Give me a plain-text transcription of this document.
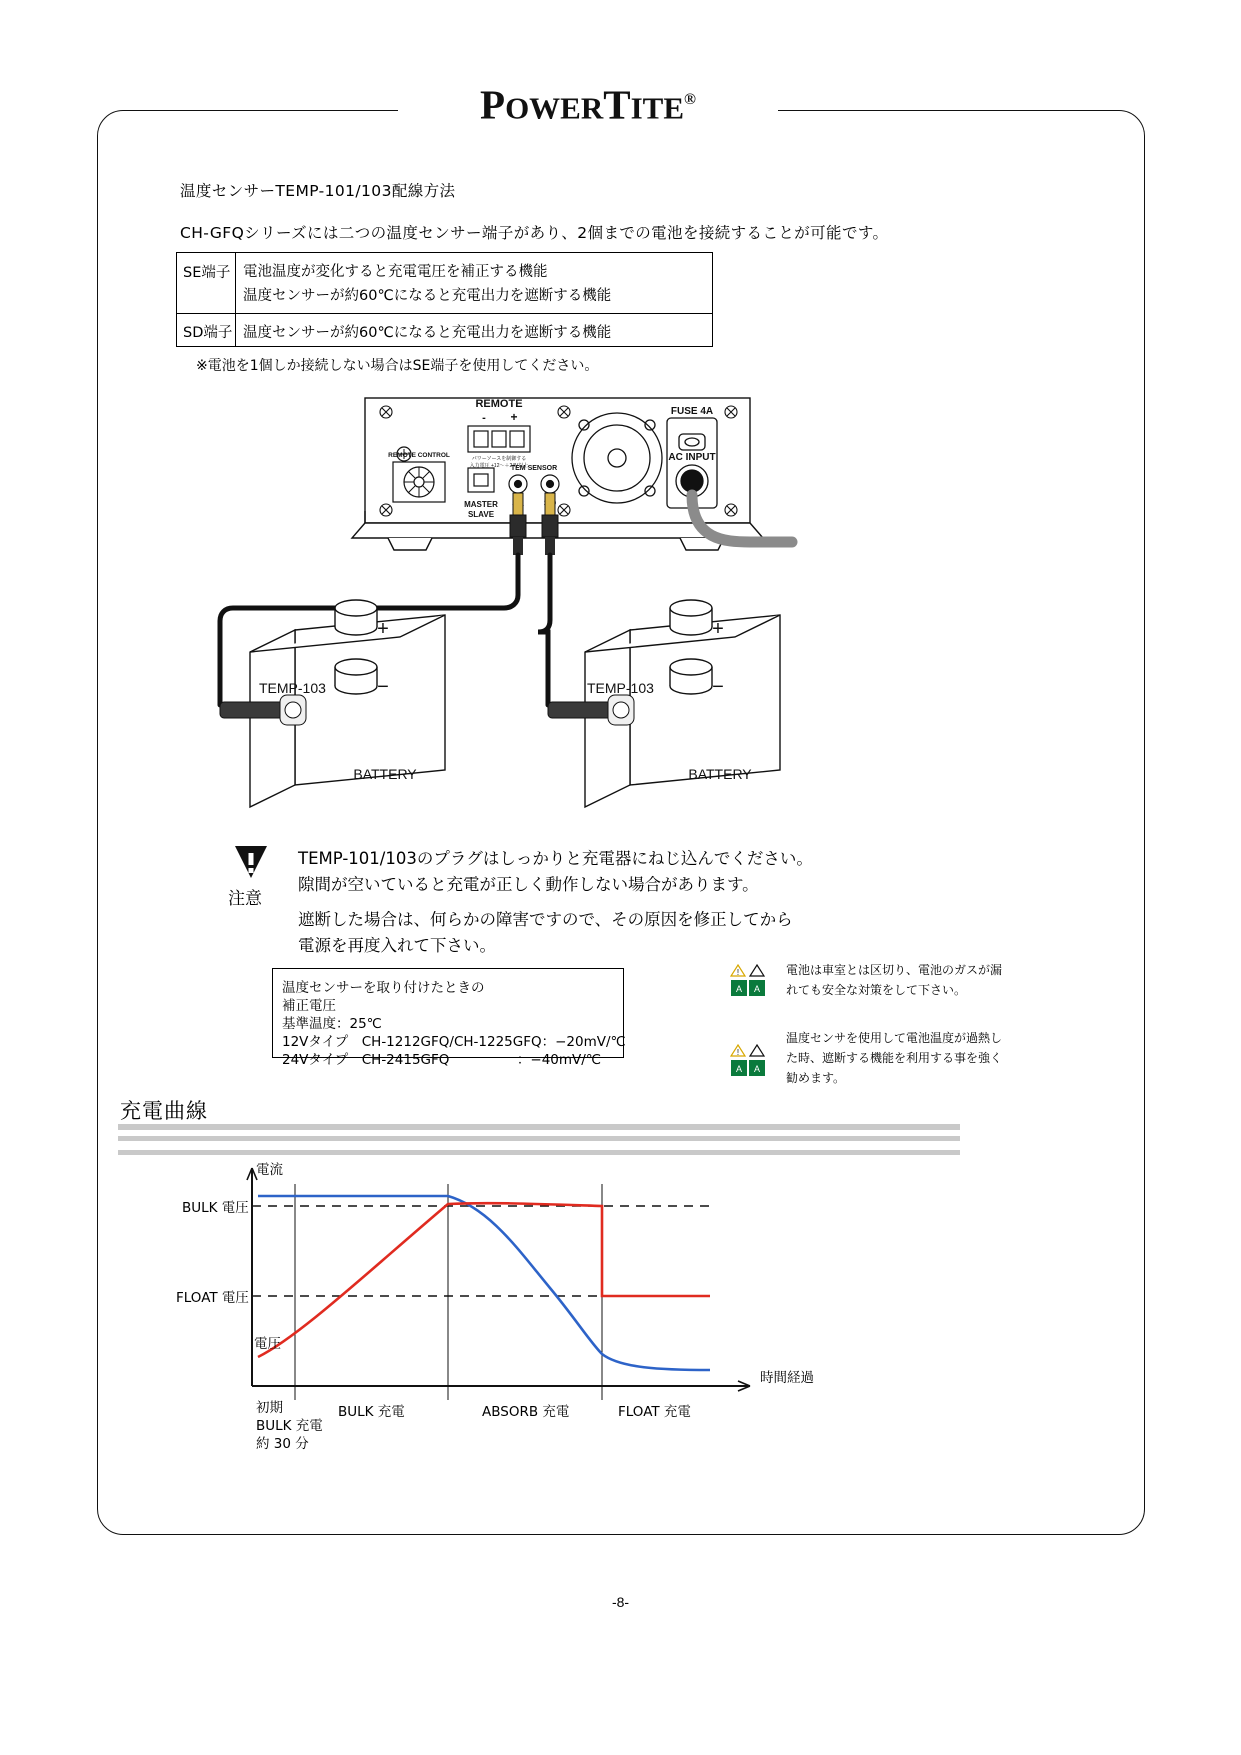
POWERTITE®
温度センサーTEMP-101/103配線方法
CH-GFQシリーズには二つの温度センサー端子があり、2個までの電池を接続することが可能です。
SE端子 電池温度が変化すると充電電圧を補正する機能
温度センサーが約60℃になると充電出力を遮断する機能
SD端子 温度センサーが約60℃になると充電出力を遮断する機能
※電池を1個しか接続しない場合はSE端子を使用してください。
REMOTE
- +
パワーソースを制御する
入力電圧 +12～＋24V以上
REMOTE CONTROL
MASTER
SLAVE
TEM SENSOR
FUSE 4A
AC INPUT
BATTERY
+
−
TEMP-103
BATTERY
+
−
TEMP-103
注意
TEMP-101/103のプラグはしっかりと充電器にねじ込んでください。
隙間が空いていると充電が正しく動作しない場合があります。
遮断した場合は、何らかの障害ですので、その原因を修正してから
電源を再度入れて下さい。
温度センサーを取り付けたときの
補正電圧
基準温度：25℃
12Vタイプ　CH-1212GFQ/CH-1225GFQ：−20mV/℃
24Vタイプ　CH-2415GFQ　　　　　：−40mV/℃
!
A A
電池は車室とは区切り、電池のガスが漏
れても安全な対策をして下さい。
!
A A
温度センサを使用して電池温度が過熱し
た時、遮断する機能を利用する事を強く
勧めます。
充電曲線
電流
BULK 電圧
FLOAT 電圧
電圧
時間経過
初期
BULK 充電
約 30 分
BULK 充電	ABSORB 充電	FLOAT 充電
-8-
